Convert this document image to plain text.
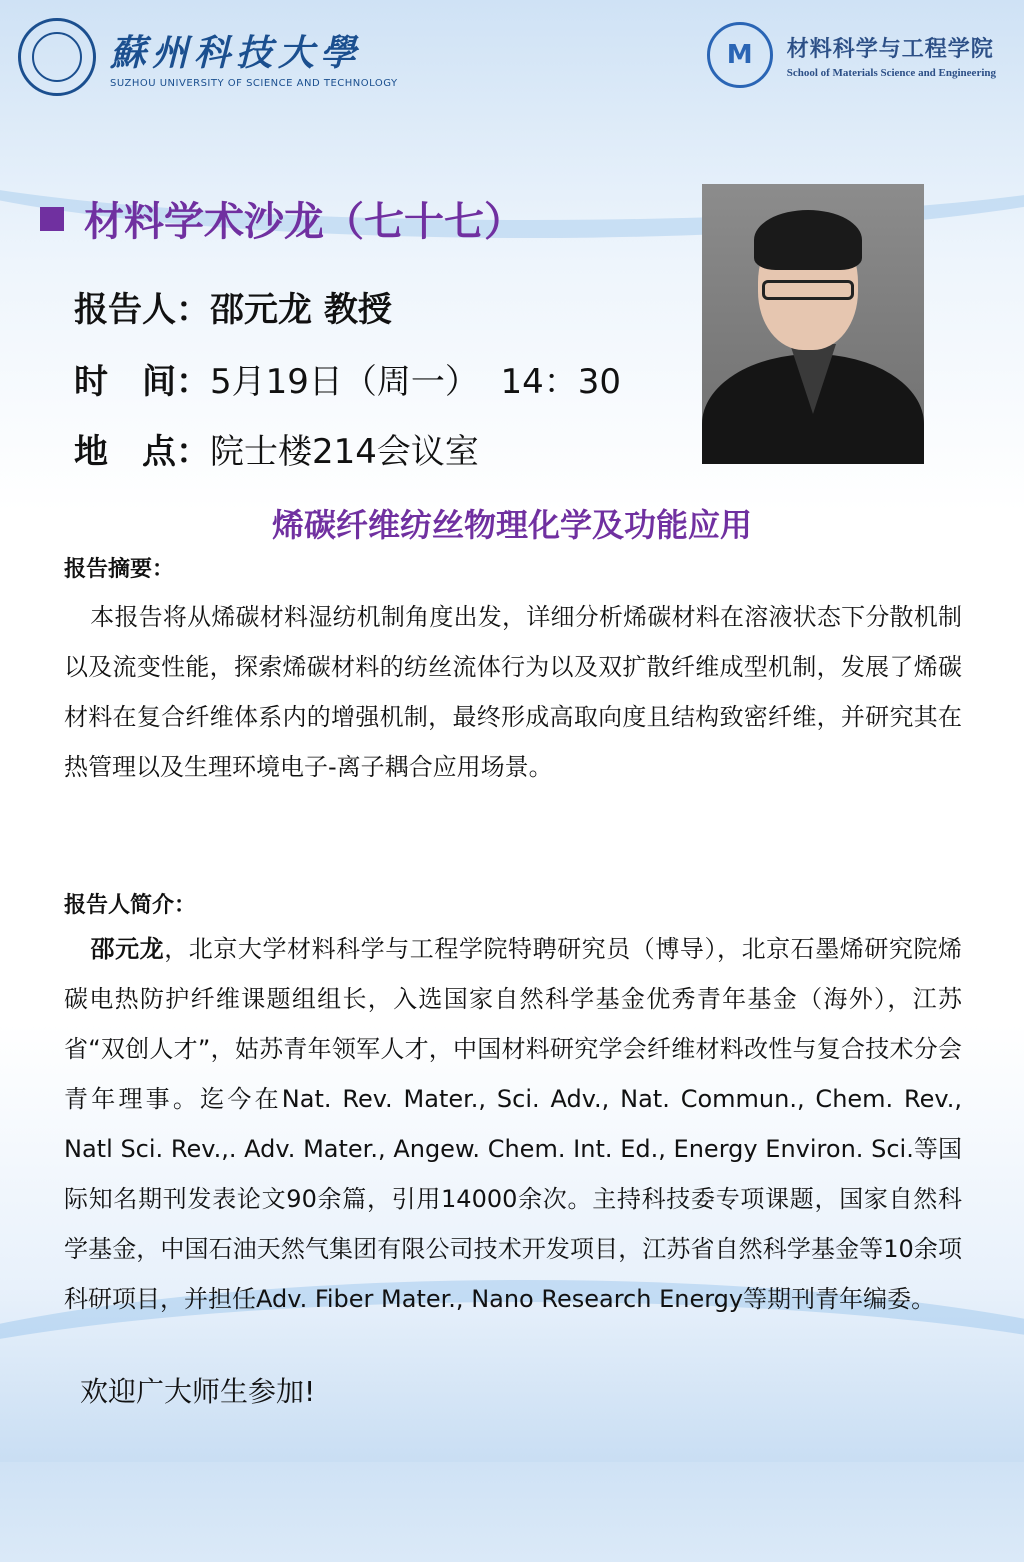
蘇州科技大學
SUZHOU UNIVERSITY OF SCIENCE AND TECHNOLOGY
M	材料科学与工程学院
School of Materials Science and Engineering
材料学术沙龙（七十七）
报告人： 邵元龙 教授
时　间： 5月19日（周一）  14：30
地　点： 院士楼214会议室
烯碳纤维纺丝物理化学及功能应用
报告摘要：

本报告将从烯碳材料湿纺机制角度出发，详细分析烯碳材料在溶液状态下分散机制以及流变性能，探索烯碳材料的纺丝流体行为以及双扩散纤维成型机制，发展了烯碳材料在复合纤维体系内的增强机制，最终形成高取向度且结构致密纤维，并研究其在热管理以及生理环境电子-离子耦合应用场景。

报告人简介：

邵元龙，北京大学材料科学与工程学院特聘研究员（博导），北京石墨烯研究院烯碳电热防护纤维课题组组长，入选国家自然科学基金优秀青年基金（海外），江苏省“双创人才”，姑苏青年领军人才，中国材料研究学会纤维材料改性与复合技术分会青年理事。迄今在Nat. Rev. Mater., Sci. Adv., Nat. Commun., Chem. Rev., Natl Sci. Rev.,. Adv. Mater., Angew. Chem. Int. Ed., Energy Environ. Sci.等国际知名期刊发表论文90余篇，引用14000余次。主持科技委专项课题，国家自然科学基金，中国石油天然气集团有限公司技术开发项目，江苏省自然科学基金等10余项科研项目，并担任Adv. Fiber Mater., Nano Research Energy等期刊青年编委。

欢迎广大师生参加!
